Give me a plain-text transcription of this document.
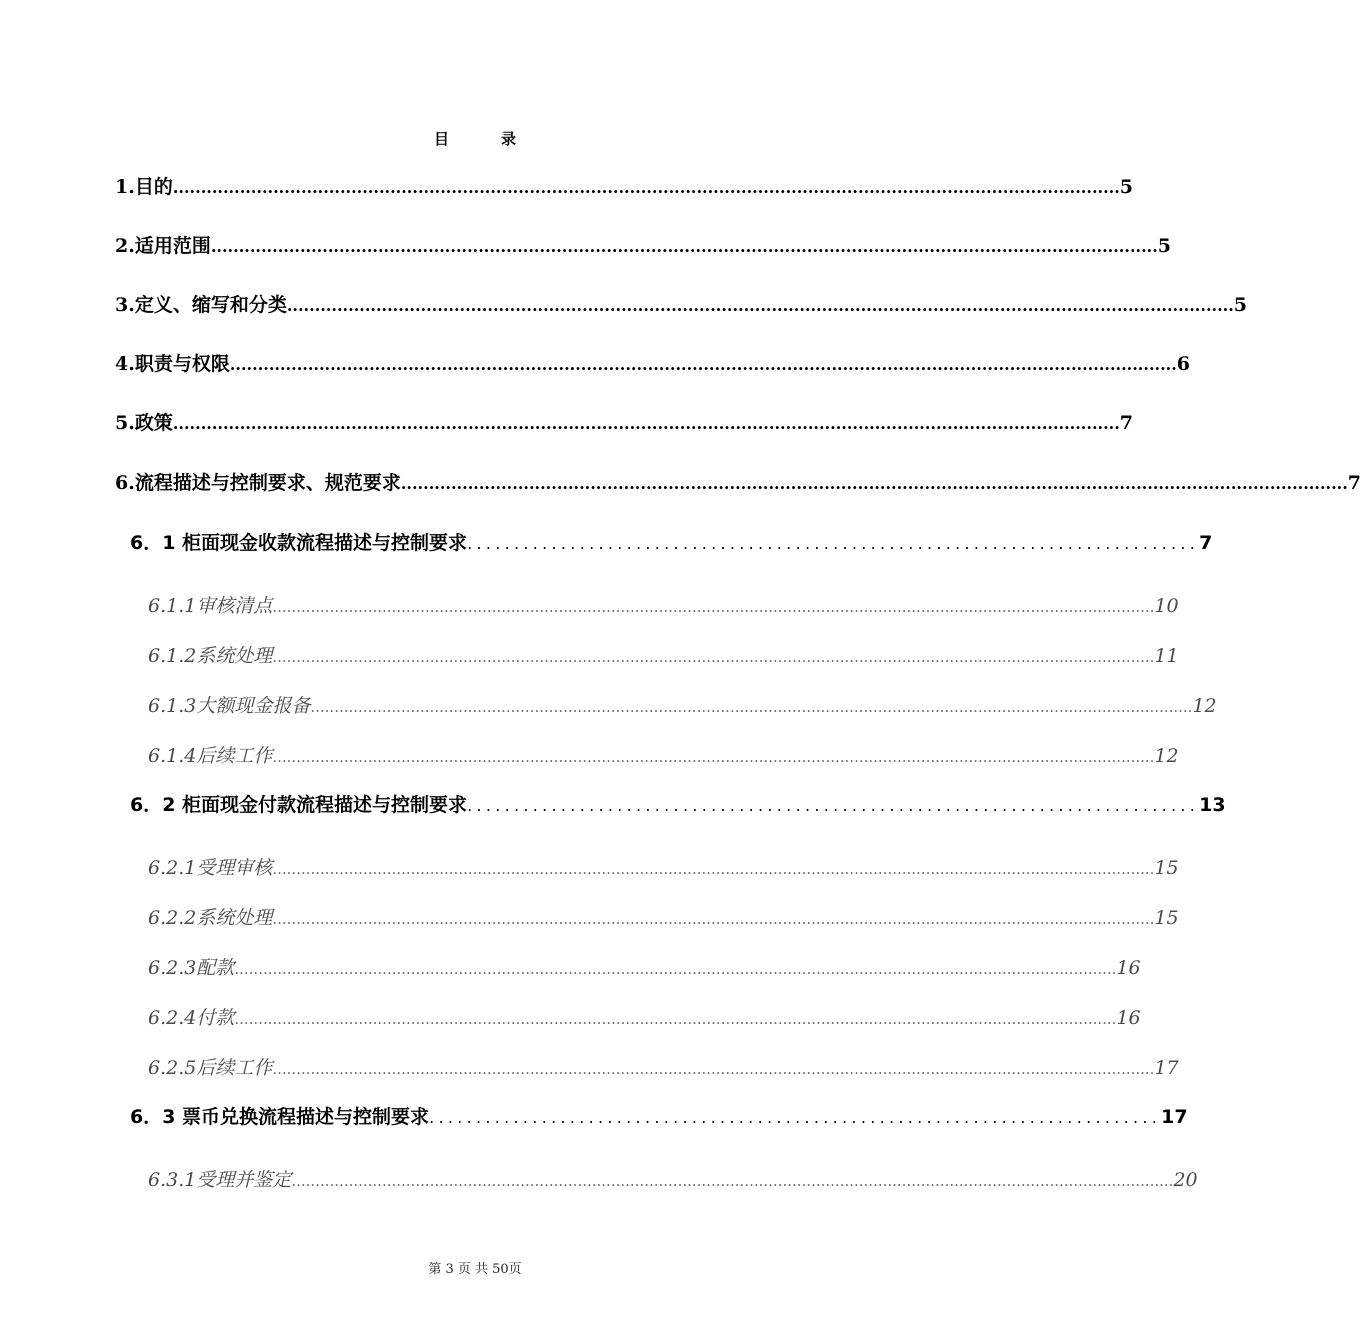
目	录
1.目的 .......................................................................................................................................................................... 5
2.适用范围 .......................................................................................................................................................................... 5
3.定义、缩写和分类 .......................................................................................................................................................................... 5
4.职责与权限 .......................................................................................................................................................................... 6
5.政策 .......................................................................................................................................................................... 7
6.流程描述与控制要求、规范要求 .......................................................................................................................................................................... 7
6．1 柜面现金收款流程描述与控制要求 .............................................................................. 7
6.1.1审核清点 ......................................................................................................................................................................................... 10
6.1.2系统处理 ......................................................................................................................................................................................... 11
6.1.3大额现金报备 ......................................................................................................................................................................................... 12
6.1.4后续工作 ......................................................................................................................................................................................... 12
6．2 柜面现金付款流程描述与控制要求 .............................................................................. 13
6.2.1受理审核 ......................................................................................................................................................................................... 15
6.2.2系统处理 ......................................................................................................................................................................................... 15
6.2.3配款 ......................................................................................................................................................................................... 16
6.2.4付款 ......................................................................................................................................................................................... 16
6.2.5后续工作 ......................................................................................................................................................................................... 17
6．3 票币兑换流程描述与控制要求 .............................................................................. 17
6.3.1受理并鉴定 ......................................................................................................................................................................................... 20
第 3 页 共 50页
